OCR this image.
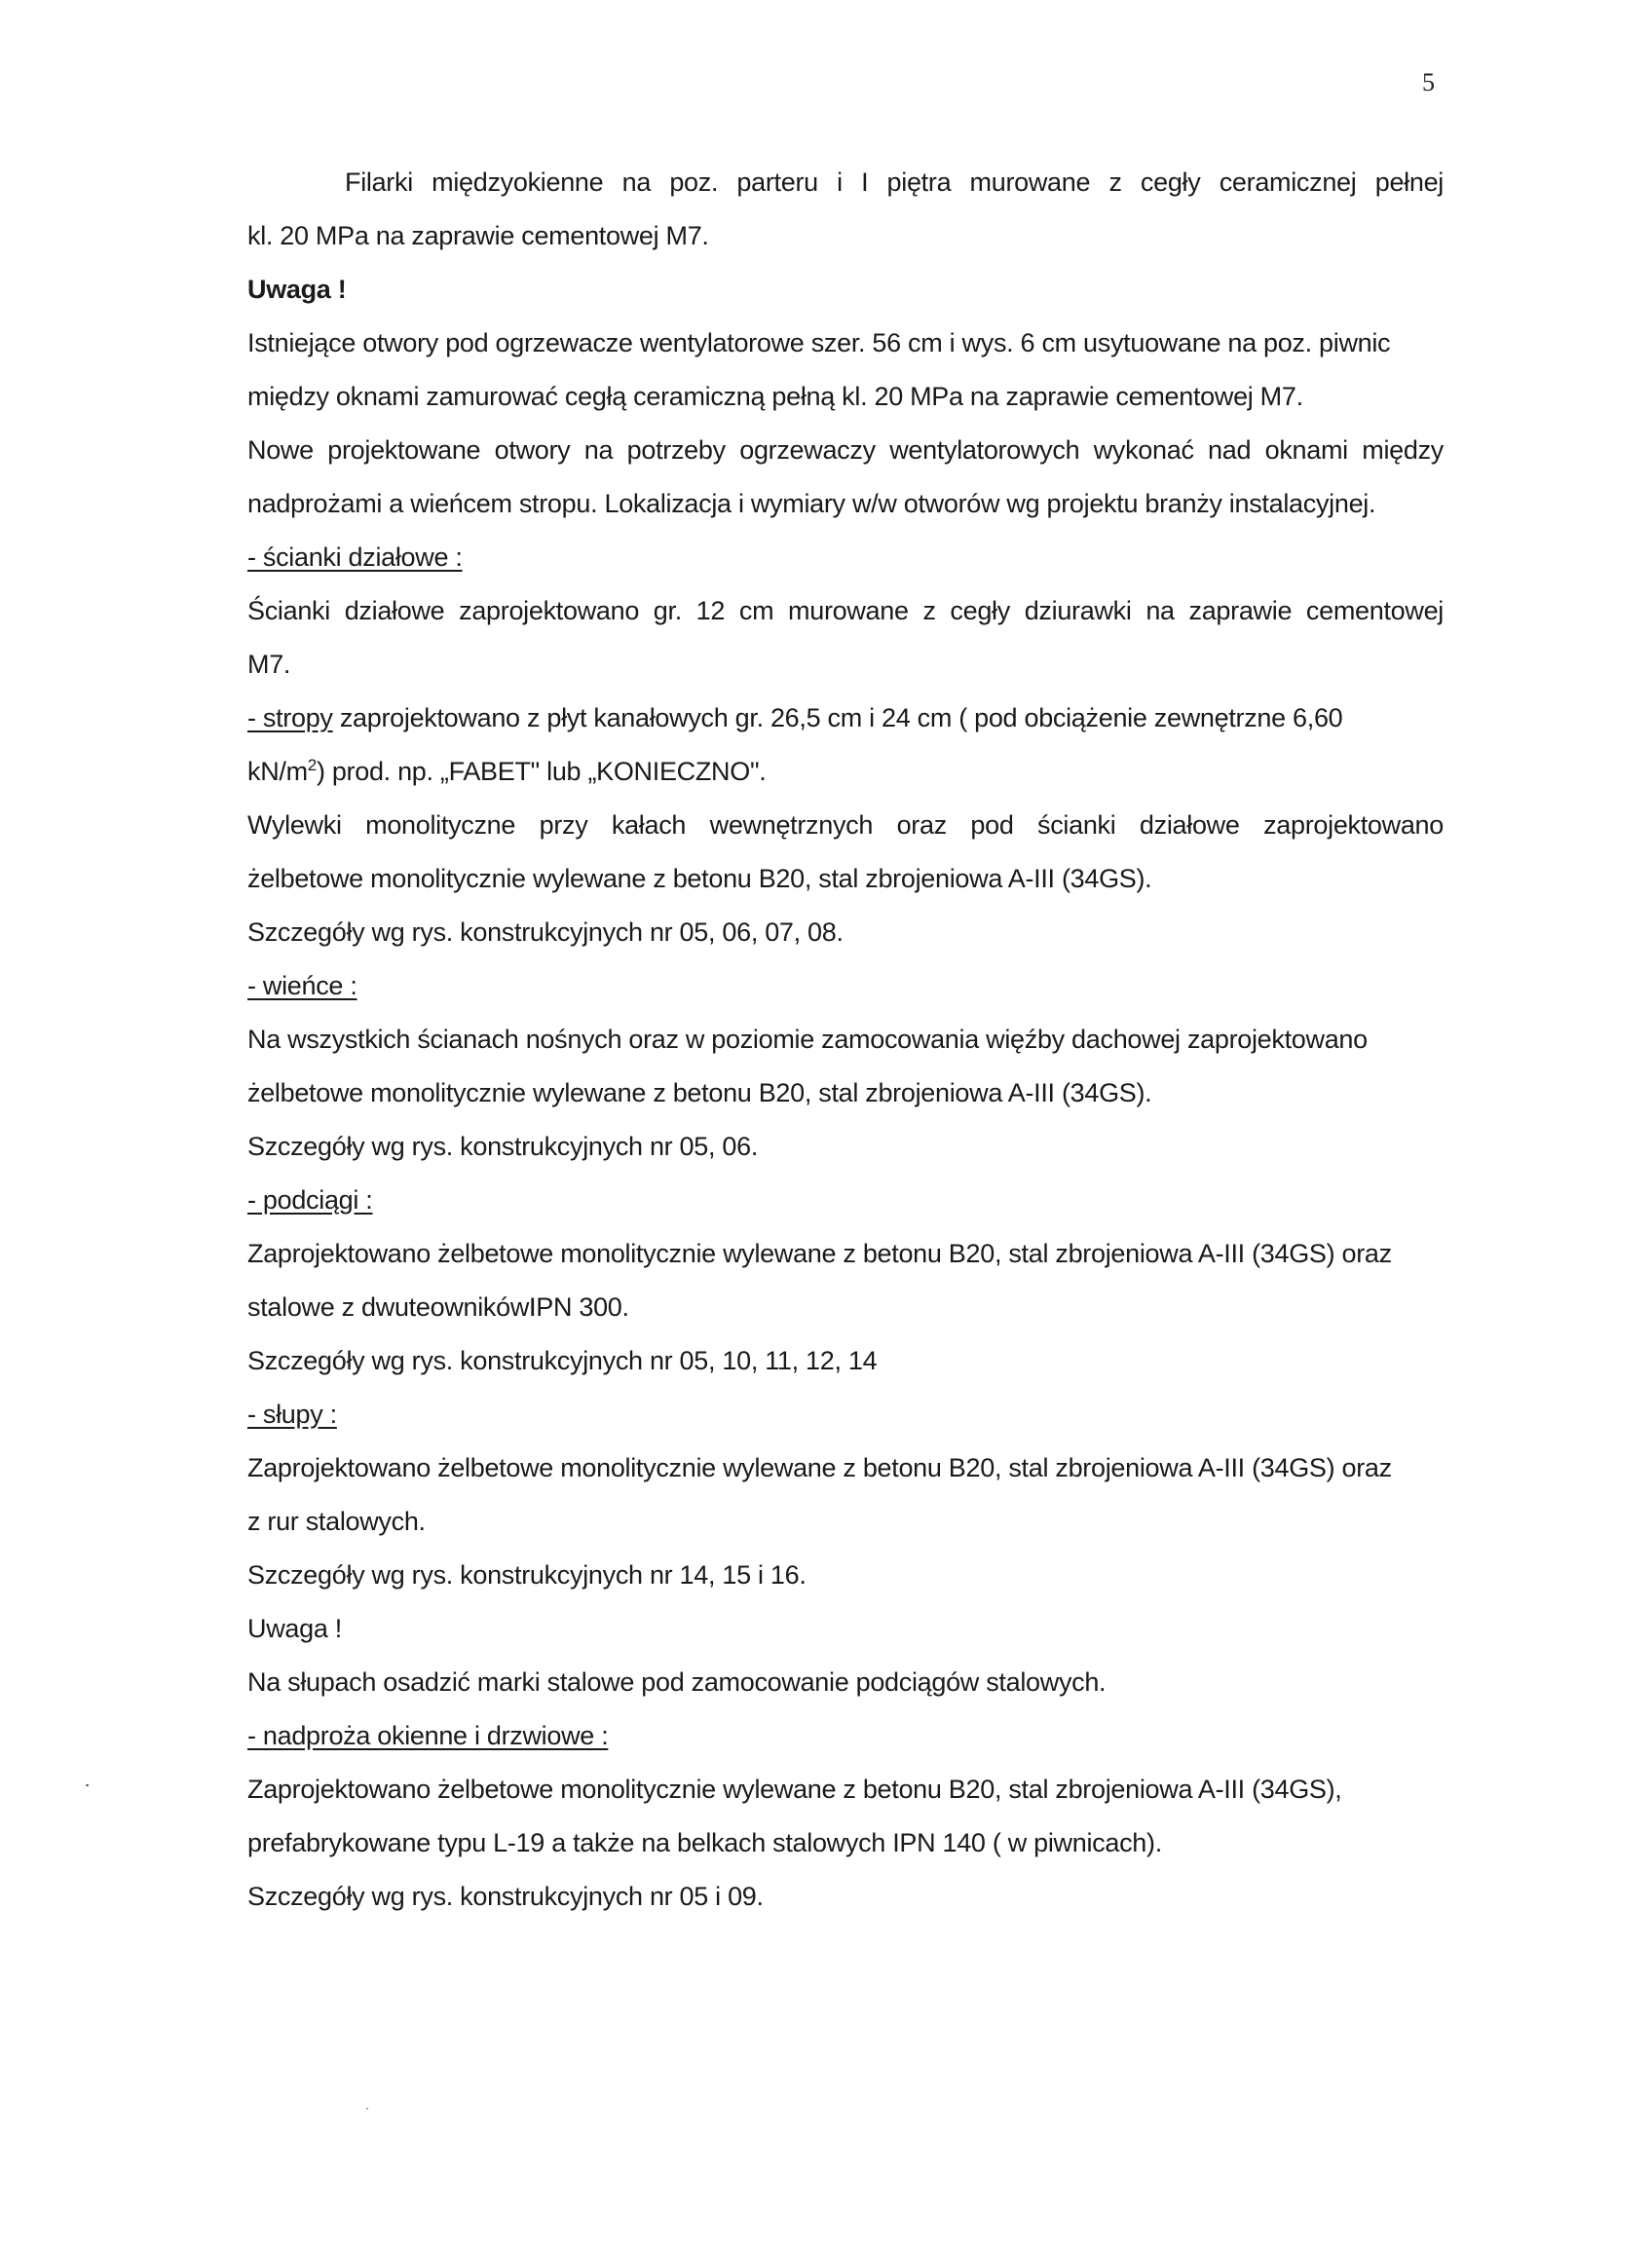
5
Filarki międzyokienne na poz. parteru i I piętra murowane z cegły ceramicznej pełnej
kl. 20 MPa na zaprawie cementowej M7.
Uwaga !
Istniejące otwory pod ogrzewacze wentylatorowe szer. 56 cm i wys. 6 cm usytuowane na poz. piwnic
między oknami zamurować cegłą ceramiczną pełną kl. 20 MPa na zaprawie cementowej M7.
Nowe projektowane otwory na potrzeby ogrzewaczy wentylatorowych wykonać nad oknami między
nadprożami a wieńcem stropu. Lokalizacja i wymiary w/w otworów wg projektu branży instalacyjnej.
- ścianki działowe :
Ścianki działowe zaprojektowano gr. 12 cm murowane z cegły dziurawki na zaprawie cementowej
M7.
- stropy zaprojektowano z płyt kanałowych gr. 26,5 cm i 24 cm ( pod obciążenie zewnętrzne 6,60
$kN/m^2$) prod. np. „FABET" lub „KONIECZNO".
Wylewki monolityczne przy kałach wewnętrznych oraz pod ścianki działowe zaprojektowano
żelbetowe monolitycznie wylewane z betonu B20, stal zbrojeniowa A-III (34GS).
Szczegóły wg rys. konstrukcyjnych nr 05, 06, 07, 08.
- wieńce :
Na wszystkich ścianach nośnych oraz w poziomie zamocowania więźby dachowej zaprojektowano
żelbetowe monolitycznie wylewane z betonu B20, stal zbrojeniowa A-III (34GS).
Szczegóły wg rys. konstrukcyjnych nr 05, 06.
- podciągi :
Zaprojektowano żelbetowe monolitycznie wylewane z betonu B20, stal zbrojeniowa A-III (34GS) oraz
stalowe z dwuteownikówIPN 300.
Szczegóły wg rys. konstrukcyjnych nr 05, 10, 11, 12, 14
- słupy :
Zaprojektowano żelbetowe monolitycznie wylewane z betonu B20, stal zbrojeniowa A-III (34GS) oraz
z rur stalowych.
Szczegóły wg rys. konstrukcyjnych nr 14, 15 i 16.
Uwaga !
Na słupach osadzić marki stalowe pod zamocowanie podciągów stalowych.
- nadproża okienne i drzwiowe :
Zaprojektowano żelbetowe monolitycznie wylewane z betonu B20, stal zbrojeniowa A-III (34GS),
prefabrykowane typu L-19 a także na belkach stalowych IPN 140 ( w piwnicach).
Szczegóły wg rys. konstrukcyjnych nr 05 i 09.
